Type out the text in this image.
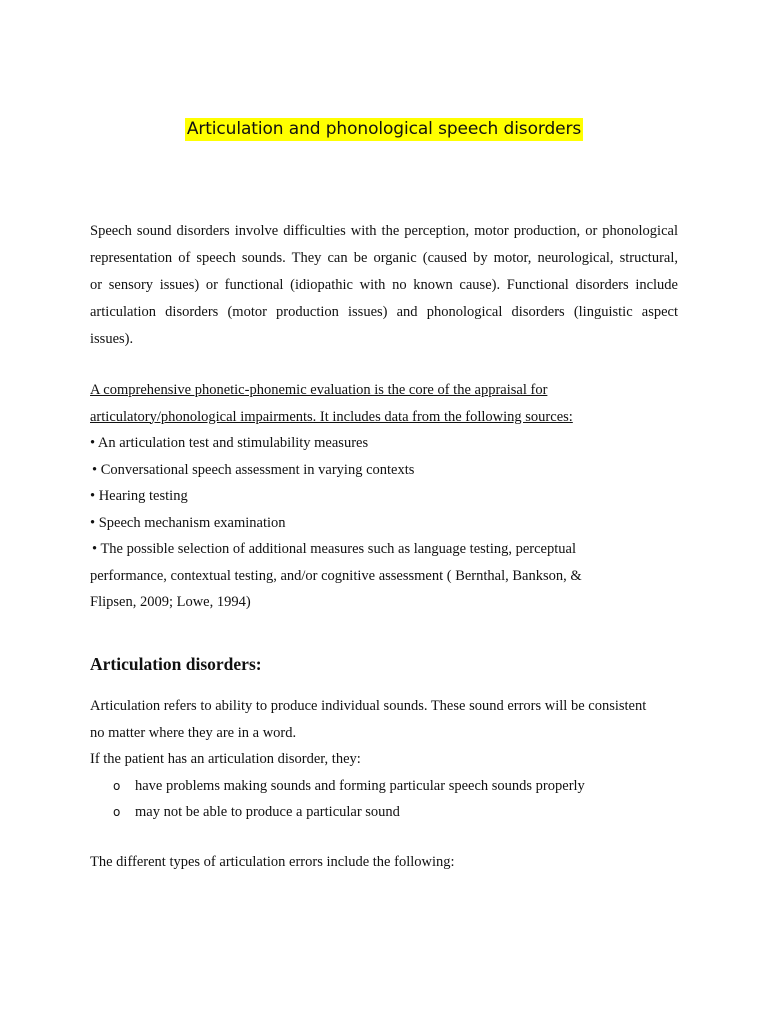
Articulation and phonological speech disorders
Speech sound disorders involve difficulties with the perception, motor production, or phonological
representation of speech sounds. They can be organic (caused by motor, neurological, structural,
or sensory issues) or functional (idiopathic with no known cause). Functional disorders include
articulation disorders (motor production issues) and phonological disorders (linguistic aspect
issues).
A comprehensive phonetic-phonemic evaluation is the core of the appraisal for
articulatory/phonological impairments. It includes data from the following sources:
• An articulation test and stimulability measures
• Conversational speech assessment in varying contexts
• Hearing testing
• Speech mechanism examination
• The possible selection of additional measures such as language testing, perceptual
performance, contextual testing, and/or cognitive assessment ( Bernthal, Bankson, &
Flipsen, 2009; Lowe, 1994)
Articulation disorders:
Articulation refers to ability to produce individual sounds. These sound errors will be consistent
no matter where they are in a word.
If the patient has an articulation disorder, they:
o have problems making sounds and forming particular speech sounds properly
o may not be able to produce a particular sound
The different types of articulation errors include the following:
